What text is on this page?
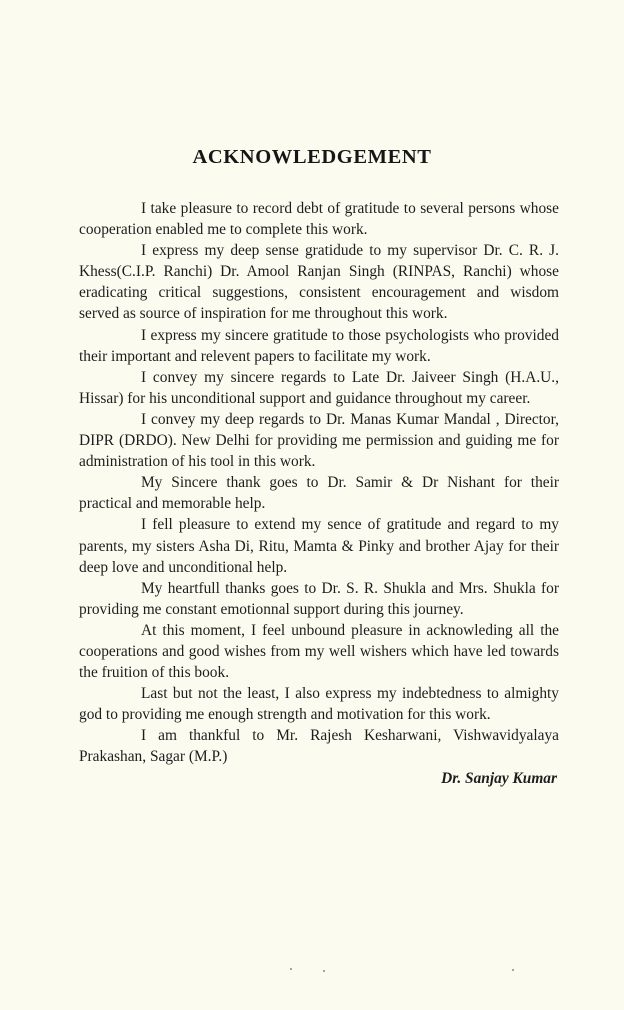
ACKNOWLEDGEMENT

I take pleasure to record debt of gratitude to several persons whose cooperation enabled me to complete this work.

I express my deep sense gratidude to my supervisor Dr. C. R. J. Khess(C.I.P. Ranchi) Dr. Amool Ranjan Singh (RINPAS, Ranchi) whose eradicating critical suggestions, consistent encouragement and wisdom served as source of inspiration for me throughout this work.

I express my sincere gratitude to those psychologists who provided their important and relevent papers to facilitate my work.

I convey my sincere regards to Late Dr. Jaiveer Singh (H.A.U., Hissar) for his unconditional support and guidance throughout my career.

I convey my deep regards to Dr. Manas Kumar Mandal , Director, DIPR (DRDO). New Delhi for providing me permission and guiding me for administration of his tool in this work.

My Sincere thank goes to Dr. Samir & Dr Nishant for their practical and memorable help.

I fell pleasure to extend my sence of gratitude and regard to my parents, my sisters Asha Di, Ritu, Mamta & Pinky and brother Ajay for their deep love and unconditional help.

My heartfull thanks goes to Dr. S. R. Shukla and Mrs. Shukla for providing me constant emotionnal support during this journey.

At this moment, I feel unbound pleasure in acknowleding all the cooperations and good wishes from my well wishers which have led towards the fruition of this book.

Last but not the least, I also express my indebtedness to almighty god to providing me enough strength and motivation for this work.

I am thankful to Mr. Rajesh Kesharwani, Vishwavidyalaya Prakashan, Sagar (M.P.)

Dr. Sanjay Kumar
